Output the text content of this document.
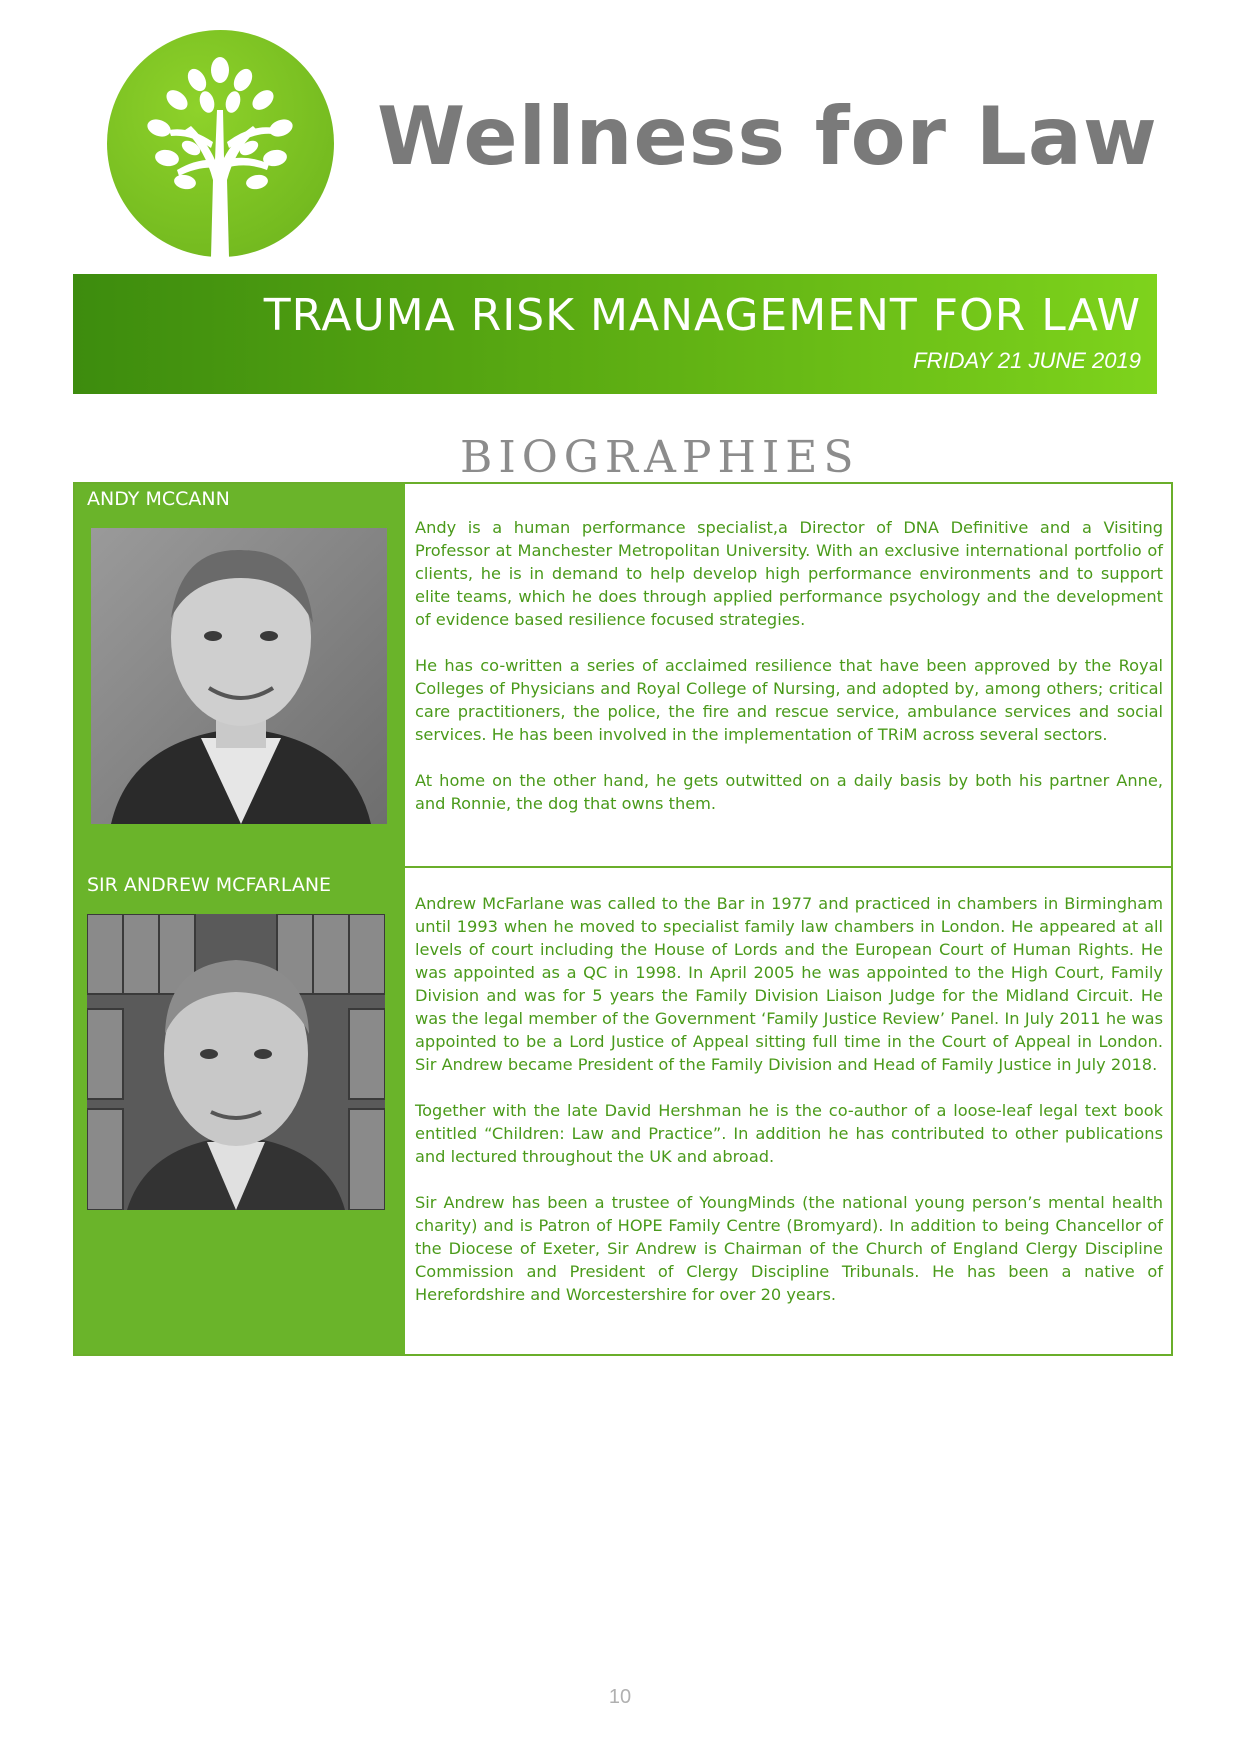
Wellness for Law
TRAUMA RISK MANAGEMENT FOR LAW
FRIDAY 21 JUNE 2019
BIOGRAPHIES
ANDY MCCANN

Andy is a human performance specialist,a Director of DNA Definitive and a Visiting Professor at Manchester Metropolitan University. With an exclusive international portfolio of clients, he is in demand to help develop high performance environments and to support elite teams, which he does through applied performance psychology and the development of evidence based resilience focused strategies.

He has co-written a series of acclaimed resilience that have been approved by the Royal Colleges of Physicians and Royal College of Nursing, and adopted by, among others; critical care practitioners, the police, the fire and rescue service, ambulance services and social services. He has been involved in the implementation of TRiM across several sectors.

At home on the other hand, he gets outwitted on a daily basis by both his partner Anne, and Ronnie, the dog that owns them.

SIR ANDREW MCFARLANE

Andrew McFarlane was called to the Bar in 1977 and practiced in chambers in Birmingham until 1993 when he moved to specialist family law chambers in London. He appeared at all levels of court including the House of Lords and the European Court of Human Rights. He was appointed as a QC in 1998. In April 2005 he was appointed to the High Court, Family Division and was for 5 years the Family Division Liaison Judge for the Midland Circuit. He was the legal member of the Government ‘Family Justice Review’ Panel. In July 2011 he was appointed to be a Lord Justice of Appeal sitting full time in the Court of Appeal in London. Sir Andrew became President of the Family Division and Head of Family Justice in July 2018.

Together with the late David Hershman he is the co-author of a loose-leaf legal text book entitled “Children: Law and Practice”. In addition he has contributed to other publications and lectured throughout the UK and abroad.

Sir Andrew has been a trustee of YoungMinds (the national young person’s mental health charity) and is Patron of HOPE Family Centre (Bromyard). In addition to being Chancellor of the Diocese of Exeter, Sir Andrew is Chairman of the Church of England Clergy Discipline Commission and President of Clergy Discipline Tribunals. He has been a native of Herefordshire and Worcestershire for over 20 years.

10
